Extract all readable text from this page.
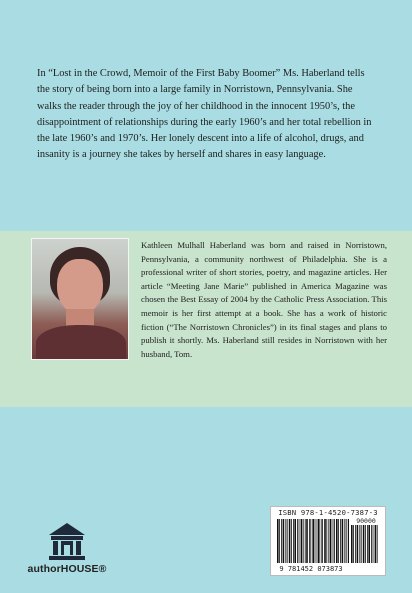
In “Lost in the Crowd, Memoir of the First Baby Boomer” Ms. Haberland tells the story of being born into a large family in Norristown, Pennsylvania. She walks the reader through the joy of her childhood in the innocent 1950’s, the disappointment of relationships during the early 1960’s and her total rebellion in the late 1960’s and 1970’s. Her lonely descent into a life of alcohol, drugs, and insanity is a journey she takes by herself and shares in easy language.
Kathleen Mulhall Haberland was born and raised in Norristown, Pennsylvania, a community northwest of Philadelphia. She is a professional writer of short stories, poetry, and magazine articles. Her article “Meeting Jane Marie” published in America Magazine was chosen the Best Essay of 2004 by the Catholic Press Association. This memoir is her first attempt at a book. She has a work of historic fiction (“The Norristown Chronicles”) in its final stages and plans to publish it shortly. Ms. Haberland still resides in Norristown with her husband, Tom.
authorHOUSE®
ISBN 978-1-4520-7387-3
90000
9 781452 073873
